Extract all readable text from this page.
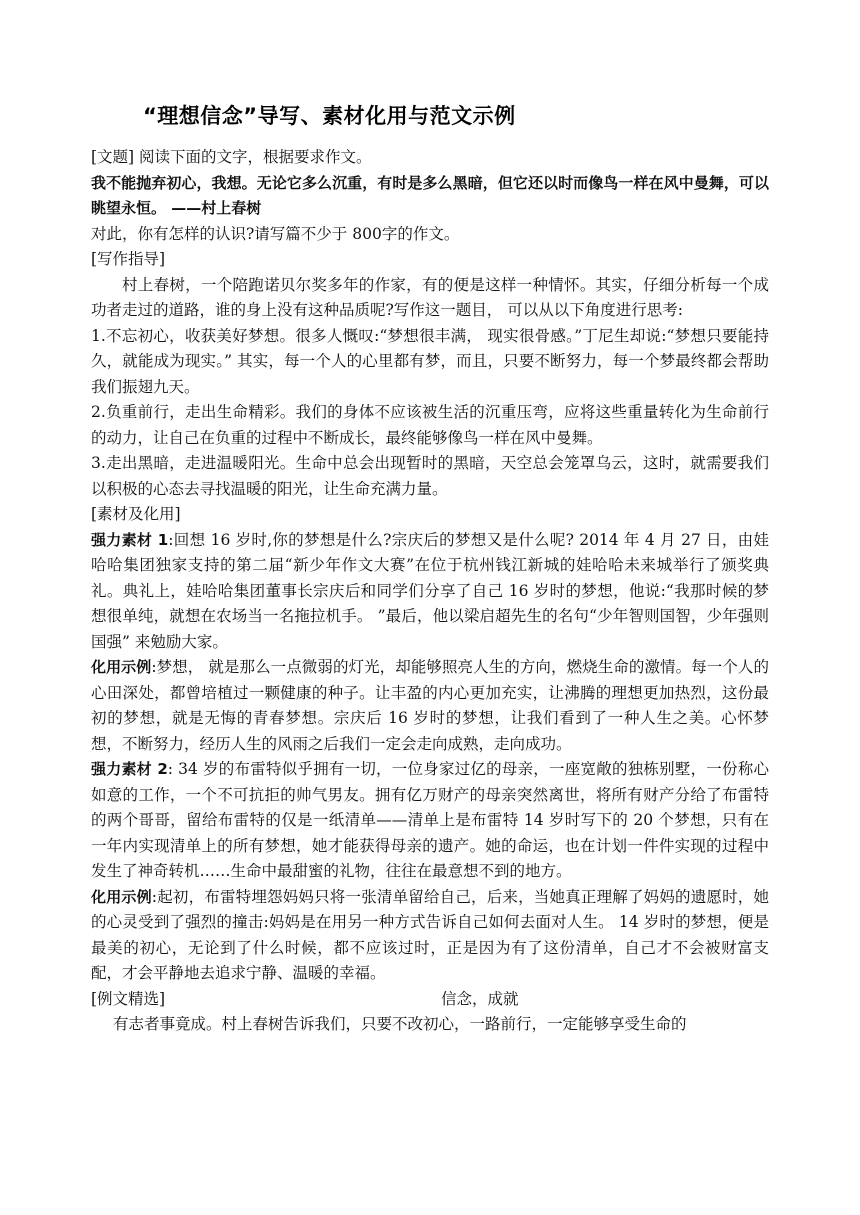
“理想信念”导写、素材化用与范文示例

[文题] 阅读下面的文字，根据要求作文。

我不能抛弃初心，我想。无论它多么沉重，有时是多么黑暗，但它还以时而像鸟一样在风中曼舞，可以眺望永恒。 ——村上春树

对此，你有怎样的认识?请写篇不少于 800字的作文。

[写作指导]

村上春树，一个陪跑诺贝尔奖多年的作家，有的便是这样一种情怀。其实，仔细分析每一个成功者走过的道路，谁的身上没有这种品质呢?写作这一题目， 可以从以下角度进行思考:

1.不忘初心，收获美好梦想。很多人慨叹:“梦想很丰满， 现实很骨感。”丁尼生却说:“梦想只要能持久，就能成为现实。” 其实，每一个人的心里都有梦，而且，只要不断努力，每一个梦最终都会帮助我们振翅九天。

2.负重前行，走出生命精彩。我们的身体不应该被生活的沉重压弯，应将这些重量转化为生命前行的动力，让自己在负重的过程中不断成长，最终能够像鸟一样在风中曼舞。

3.走出黑暗，走进温暖阳光。生命中总会出现暂时的黑暗，天空总会笼罩乌云，这时，就需要我们以积极的心态去寻找温暖的阳光，让生命充满力量。

[素材及化用]

强力素材 1:回想 16 岁时,你的梦想是什么?宗庆后的梦想又是什么呢? 2014 年 4 月 27 日，由娃哈哈集团独家支持的第二届“新少年作文大赛”在位于杭州钱江新城的娃哈哈未来城举行了颁奖典礼。典礼上，娃哈哈集团董事长宗庆后和同学们分享了自己 16 岁时的梦想，他说:“我那时候的梦想很单纯，就想在农场当一名拖拉机手。 ”最后，他以梁启超先生的名句“少年智则国智，少年强则国强” 来勉励大家。

化用示例:梦想， 就是那么一点微弱的灯光，却能够照亮人生的方向，燃烧生命的激情。每一个人的心田深处，都曾培植过一颗健康的种子。让丰盈的内心更加充实，让沸腾的理想更加热烈，这份最初的梦想，就是无悔的青春梦想。宗庆后 16 岁时的梦想，让我们看到了一种人生之美。心怀梦想，不断努力，经历人生的风雨之后我们一定会走向成熟，走向成功。

强力素材 2: 34 岁的布雷特似乎拥有一切，一位身家过亿的母亲，一座宽敞的独栋别墅，一份称心如意的工作，一个不可抗拒的帅气男友。拥有亿万财产的母亲突然离世，将所有财产分给了布雷特的两个哥哥，留给布雷特的仅是一纸清单——清单上是布雷特 14 岁时写下的 20 个梦想，只有在一年内实现清单上的所有梦想，她才能获得母亲的遗产。她的命运，也在计划一件件实现的过程中发生了神奇转机……生命中最甜蜜的礼物，往往在最意想不到的地方。

化用示例:起初，布雷特埋怨妈妈只将一张清单留给自己，后来，当她真正理解了妈妈的遗愿时，她的心灵受到了强烈的撞击:妈妈是在用另一种方式告诉自己如何去面对人生。 14 岁时的梦想，便是最美的初心，无论到了什么时候，都不应该过时，正是因为有了这份清单，自己才不会被财富支配，才会平静地去追求宁静、温暖的幸福。

[例文精选]	信念，成就

有志者事竟成。村上春树告诉我们，只要不改初心，一路前行，一定能够享受生命的
